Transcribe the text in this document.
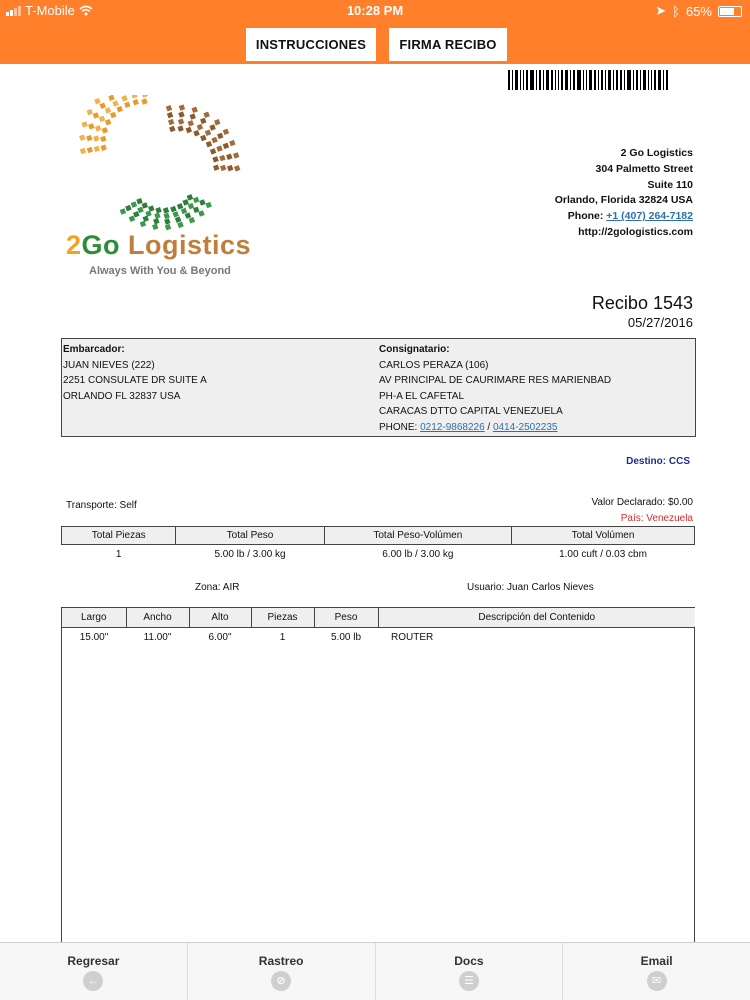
T-Mobile	10:28 PM	➤ ᛒ 65%
INSTRUCCIONES	FIRMA RECIBO
2Go Logistics
Always With You & Beyond
2 Go Logistics
304 Palmetto Street
Suite 110
Orlando, Florida 32824 USA
Phone: +1 (407) 264-7182
http://2gologistics.com
Recibo 1543
05/27/2016
Embarcador:
JUAN NIEVES (222)
2251 CONSULATE DR SUITE A
ORLANDO FL 32837 USA
Consignatario:
CARLOS PERAZA (106)
AV PRINCIPAL DE CAURIMARE RES MARIENBAD
PH-A EL CAFETAL
CARACAS DTTO CAPITAL VENEZUELA
PHONE: 0212-9868226 / 0414-2502235
Destino: CCS
Transporte: Self	Valor Declarado: $0.00
País: Venezuela
Total Piezas	Total Peso	Total Peso-Volúmen	Total Volúmen
1	5.00 lb / 3.00 kg	6.00 lb / 3.00 kg	1.00 cuft / 0.03 cbm
Zona: AIR	Usuario: Juan Carlos Nieves
Largo	Ancho	Alto	Piezas	Peso	Descripción del Contenido
15.00"	11.00"	6.00"	1	5.00 lb	ROUTER
Regresar
←
Rastreo
⊘
Docs
☰
Email
✉
